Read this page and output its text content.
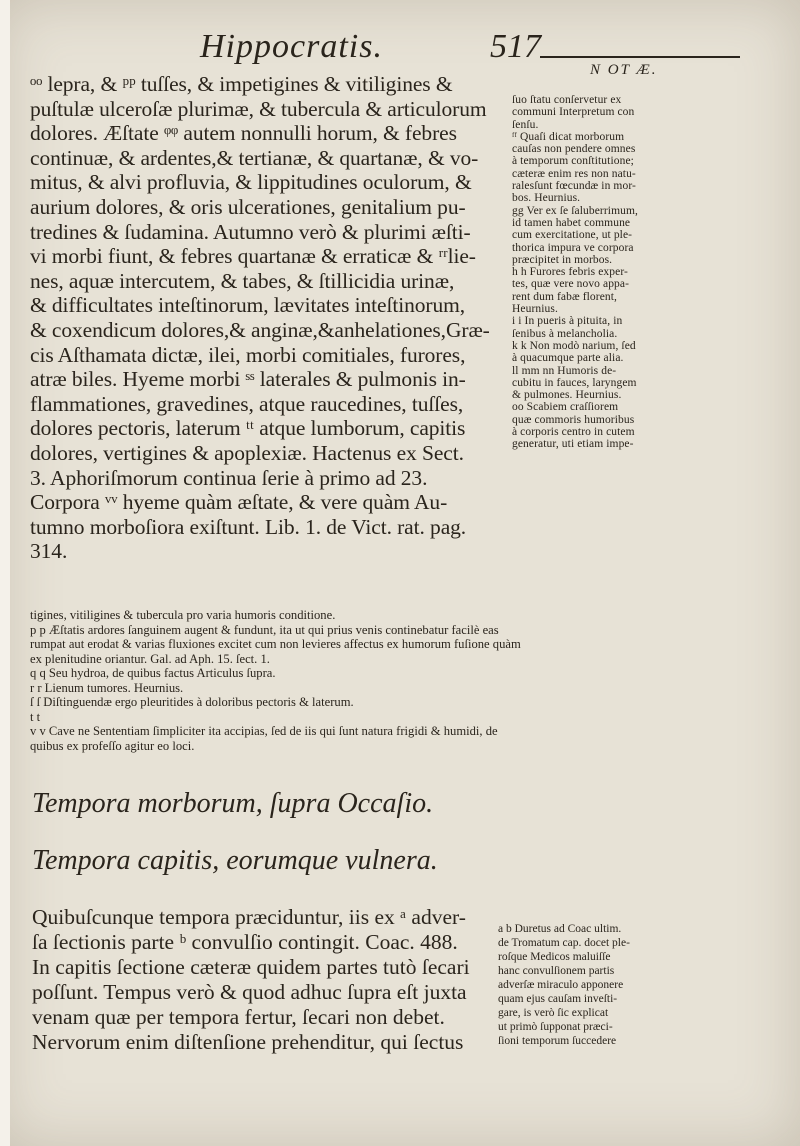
Hippocratis.	517
N OT Æ.
ᵒᵒ lepra, & ᵖᵖ tuſſes, & impetigines & vitiligines &
puſtulæ ulceroſæ plurimæ, & tubercula & articulorum
dolores. Æſtate ᵠᵠ autem nonnulli horum, & febres
continuæ, & ardentes,& tertianæ, & quartanæ, & vo-
mitus, & alvi profluvia, & lippitudines oculorum, &
aurium dolores, & oris ulcerationes, genitalium pu-
tredines & ſudamina. Autumno verò & plurimi æſti-
vi morbi fiunt, & febres quartanæ & erraticæ & ʳʳlie-
nes, aquæ intercutem, & tabes, & ſtillicidia urinæ,
& difficultates inteſtinorum, lævitates inteſtinorum,
& coxendicum dolores,& anginæ,&anhelationes,Græ-
cis Aſthamata dictæ, ilei, morbi comitiales, furores,
atræ biles. Hyeme morbi ˢˢ laterales & pulmonis in-
flammationes, gravedines, atque raucedines, tuſſes,
dolores pectoris, laterum ᵗᵗ atque lumborum, capitis
dolores, vertigines & apoplexiæ. Hactenus ex Sect.
3. Aphoriſmorum continua ſerie à primo ad 23.
Corpora ᵛᵛ hyeme quàm æſtate, & vere quàm Au-
tumno morboſiora exiſtunt. Lib. 1. de Vict. rat. pag.
314.
ſuo ſtatu conſervetur ex
communi Interpretum con
ſenſu.
ᶠᶠ Quaſi dicat morborum
cauſas non pendere omnes
à temporum conſtitutione;
cæteræ enim res non natu-
ralesſunt fœcundæ in mor-
bos. Heurnius.
gg Ver ex ſe ſaluberrimum,
id tamen habet commune
cum exercitatione, ut ple-
thorica impura ve corpora
præcipitet in morbos.
h h Furores febris exper-
tes, quæ vere novo appa-
rent dum fabæ florent,
Heurnius.
i i In pueris à pituita, in
ſenibus à melancholia.
k k Non modò narium, ſed
à quacumque parte alia.
ll mm nn Humoris de-
cubitu in fauces, laryngem
& pulmones. Heurnius.
oo Scabiem craſſiorem
quæ commoris humoribus
à corporis centro in cutem
generatur, uti etiam impe-
tigines, vitiligines & tubercula pro varia humoris conditione.
p p Æſtatis ardores ſanguinem augent & fundunt, ita ut qui prius venis continebatur facilè eas
rumpat aut erodat & varias fluxiones excitet cum non levieres affectus ex humorum fuſione quàm
ex plenitudine oriantur. Gal. ad Aph. 15. ſect. 1.
q q Seu hydroa, de quibus factus Articulus ſupra.
r r Lienum tumores. Heurnius.
ſ ſ Diſtinguendæ ergo pleuritides à doloribus pectoris & laterum.
t t
v v Cave ne Sententiam ſimpliciter ita accipias, ſed de iis qui ſunt natura frigidi & humidi, de
quibus ex profeſſo agitur eo loci.
Tempora morborum, ſupra Occaſio.
Tempora capitis, eorumque vulnera.
Quibuſcunque tempora præciduntur, iis ex ᵃ adver-
ſa ſectionis parte ᵇ convulſio contingit. Coac. 488.
In capitis ſectione cæteræ quidem partes tutò ſecari
poſſunt. Tempus verò & quod adhuc ſupra eſt juxta
venam quæ per tempora fertur, ſecari non debet.
Nervorum enim diſtenſione prehenditur, qui ſectus
a b Duretus ad Coac ultim.
de Tromatum cap. docet ple-
roſque Medicos maluiſſe
hanc convulſionem partis
adverſæ miraculo apponere
quam ejus cauſam inveſti-
gare, is verò ſic explicat
ut primò ſupponat præci-
ſioni temporum ſuccedere
